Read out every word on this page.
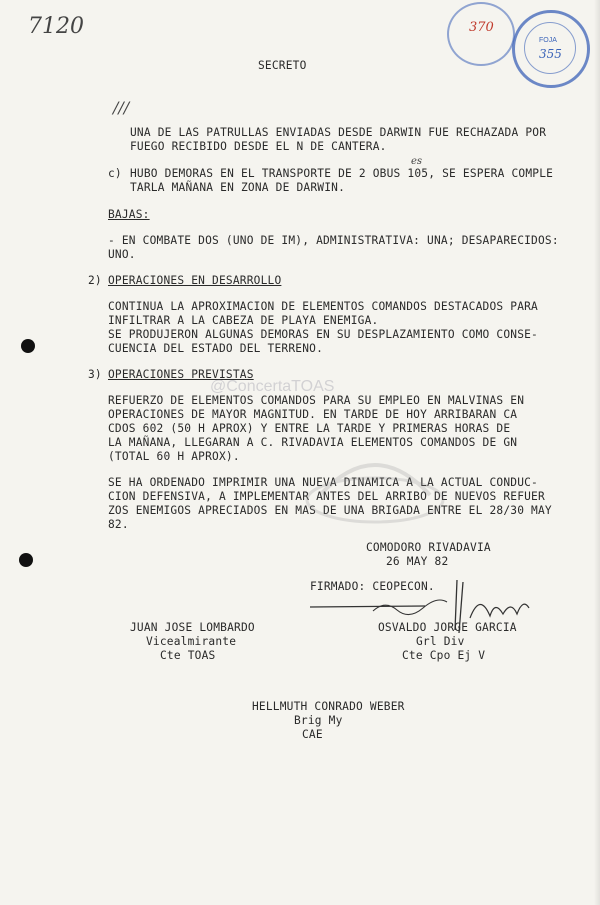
7120	370
FOJA
355
SECRETO
///
UNA DE LAS PATRULLAS ENVIADAS DESDE DARWIN FUE RECHAZADA POR
FUEGO RECIBIDO DESDE EL N DE CANTERA.
c) HUBO DEMORAS EN EL TRANSPORTE DE 2 OBUS 105, SE ESPERA COMPLE
TARLA MAÑANA EN ZONA DE DARWIN.
es
BAJAS:
- EN COMBATE DOS (UNO DE IM), ADMINISTRATIVA: UNA; DESAPARECIDOS:
UNO.
2) OPERACIONES EN DESARROLLO
CONTINUA LA APROXIMACION DE ELEMENTOS COMANDOS DESTACADOS PARA
INFILTRAR A LA CABEZA DE PLAYA ENEMIGA.
SE PRODUJERON ALGUNAS DEMORAS EN SU DESPLAZAMIENTO COMO CONSE-
CUENCIA DEL ESTADO DEL TERRENO.
3) OPERACIONES PREVISTAS
REFUERZO DE ELEMENTOS COMANDOS PARA SU EMPLEO EN MALVINAS EN
OPERACIONES DE MAYOR MAGNITUD. EN TARDE DE HOY ARRIBARAN CA
CDOS 602 (50 H APROX) Y ENTRE LA TARDE Y PRIMERAS HORAS DE
LA MAÑANA, LLEGARAN A C. RIVADAVIA ELEMENTOS COMANDOS DE GN
(TOTAL 60 H APROX).
SE HA ORDENADO IMPRIMIR UNA NUEVA DINAMICA A LA ACTUAL CONDUC-
CION DEFENSIVA, A IMPLEMENTAR ANTES DEL ARRIBO DE NUEVOS REFUER
ZOS ENEMIGOS APRECIADOS EN MAS DE UNA BRIGADA ENTRE EL 28/30 MAY
82.
@ConcertaTOAS
COMODORO RIVADAVIA
26 MAY 82
FIRMADO: CEOPECON.
JUAN JOSE LOMBARDO
Vicealmirante
Cte TOAS
OSVALDO JORGE GARCIA
Grl Div
Cte Cpo Ej V
HELLMUTH CONRADO WEBER
Brig My
CAE
